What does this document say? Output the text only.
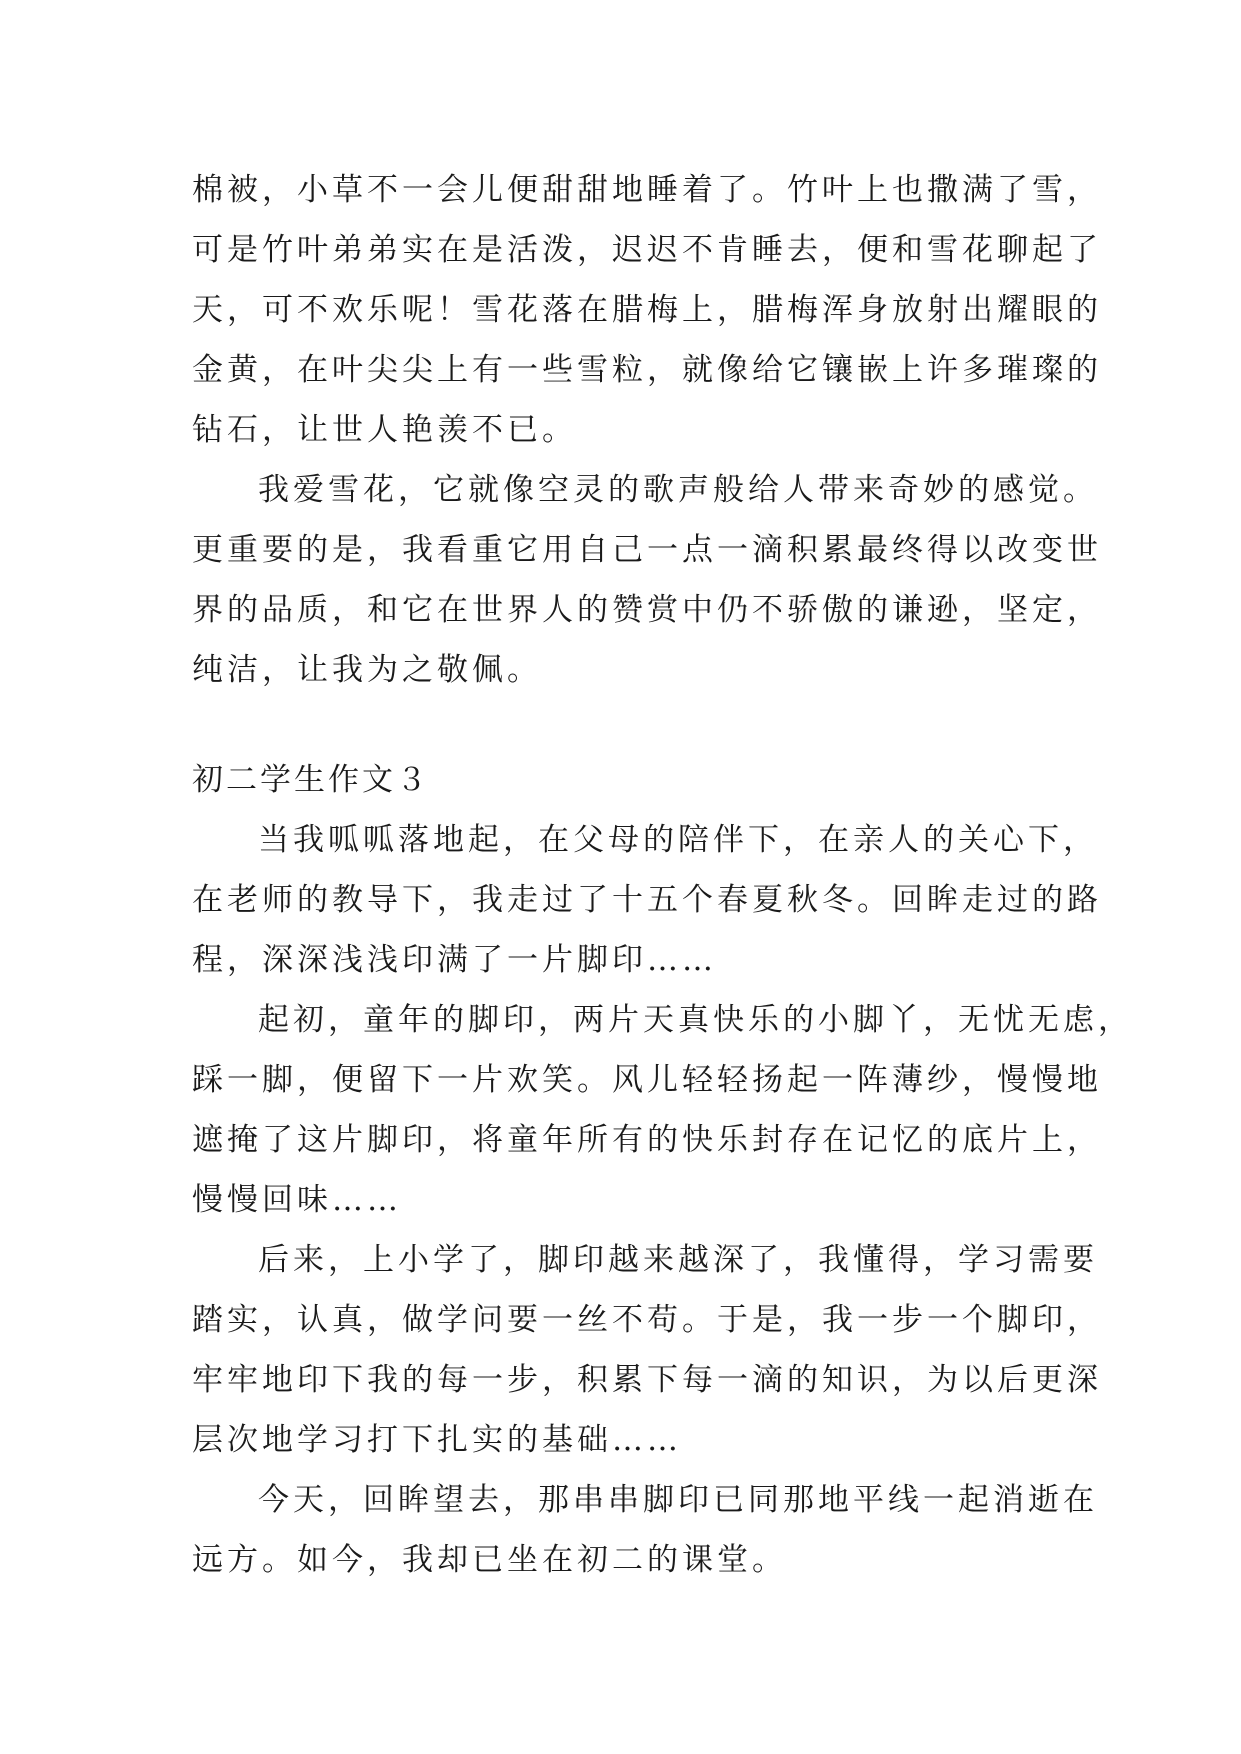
棉被，小草不一会儿便甜甜地睡着了。竹叶上也撒满了雪，
可是竹叶弟弟实在是活泼，迟迟不肯睡去，便和雪花聊起了
天，可不欢乐呢！雪花落在腊梅上，腊梅浑身放射出耀眼的
金黄，在叶尖尖上有一些雪粒，就像给它镶嵌上许多璀璨的
钻石，让世人艳羡不已。
我爱雪花，它就像空灵的歌声般给人带来奇妙的感觉。
更重要的是，我看重它用自己一点一滴积累最终得以改变世
界的品质，和它在世界人的赞赏中仍不骄傲的谦逊，坚定，
纯洁，让我为之敬佩。
初二学生作文３
当我呱呱落地起，在父母的陪伴下，在亲人的关心下，
在老师的教导下，我走过了十五个春夏秋冬。回眸走过的路
程，深深浅浅印满了一片脚印……
起初，童年的脚印，两片天真快乐的小脚丫，无忧无虑，
踩一脚，便留下一片欢笑。风儿轻轻扬起一阵薄纱，慢慢地
遮掩了这片脚印，将童年所有的快乐封存在记忆的底片上，
慢慢回味……
后来，上小学了，脚印越来越深了，我懂得，学习需要
踏实，认真，做学问要一丝不苟。于是，我一步一个脚印，
牢牢地印下我的每一步，积累下每一滴的知识，为以后更深
层次地学习打下扎实的基础……
今天，回眸望去，那串串脚印已同那地平线一起消逝在
远方。如今，我却已坐在初二的课堂。
